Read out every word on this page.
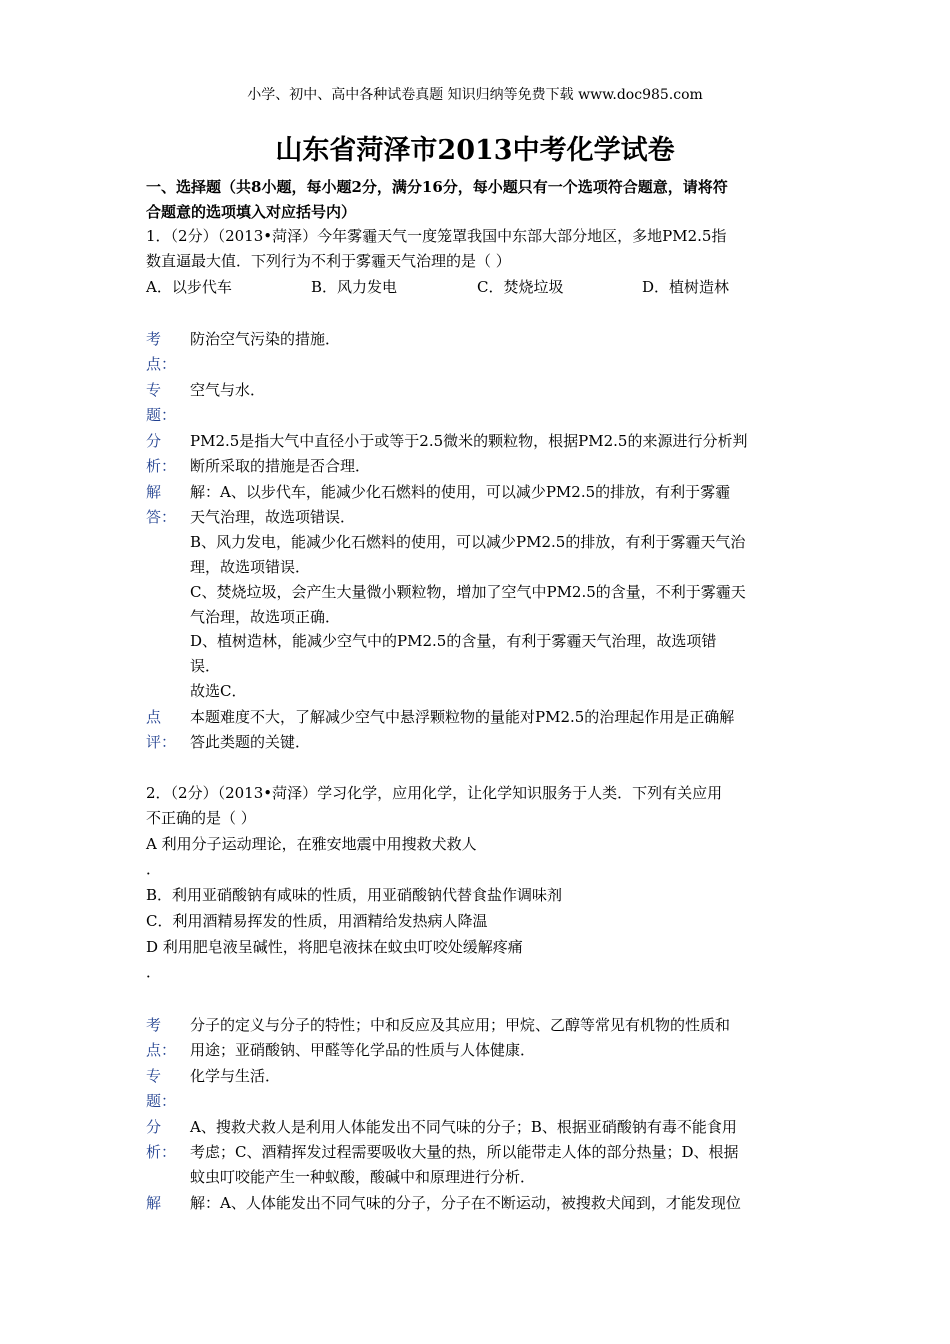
小学、初中、高中各种试卷真题 知识归纳等免费下载 www.doc985.com
山东省菏泽市2013中考化学试卷
一、选择题（共8小题，每小题2分，满分16分，每小题只有一个选项符合题意，请将符
合题意的选项填入对应括号内）
1．（2分）（2013•菏泽）今年雾霾天气一度笼罩我国中东部大部分地区，多地PM2.5指
数直逼最大值．下列行为不利于雾霾天气治理的是（ ）
A．以步代车	B．风力发电	C．焚烧垃圾	D．植树造林
考
点：
防治空气污染的措施．
专
题：
空气与水．
分
析：
PM2.5是指大气中直径小于或等于2.5微米的颗粒物，根据PM2.5的来源进行分析判
断所采取的措施是否合理．
解
答：
解：A、以步代车，能减少化石燃料的使用，可以减少PM2.5的排放，有利于雾霾
天气治理，故选项错误．
B、风力发电，能减少化石燃料的使用，可以减少PM2.5的排放，有利于雾霾天气治
理，故选项错误．
C、焚烧垃圾，会产生大量微小颗粒物，增加了空气中PM2.5的含量，不利于雾霾天
气治理，故选项正确．
D、植树造林，能减少空气中的PM2.5的含量，有利于雾霾天气治理，故选项错
误．
故选C．
点
评：
本题难度不大，了解减少空气中悬浮颗粒物的量能对PM2.5的治理起作用是正确解
答此类题的关键．
2．（2分）（2013•菏泽）学习化学，应用化学，让化学知识服务于人类．下列有关应用
不正确的是（ ）
A 利用分子运动理论，在雅安地震中用搜救犬救人
．
B．利用亚硝酸钠有咸味的性质，用亚硝酸钠代替食盐作调味剂
C．利用酒精易挥发的性质，用酒精给发热病人降温
D 利用肥皂液呈碱性，将肥皂液抹在蚊虫叮咬处缓解疼痛
．
考
点：
分子的定义与分子的特性；中和反应及其应用；甲烷、乙醇等常见有机物的性质和
用途；亚硝酸钠、甲醛等化学品的性质与人体健康．
专
题：
化学与生活．
分
析：
A、搜救犬救人是利用人体能发出不同气味的分子；B、根据亚硝酸钠有毒不能食用
考虑；C、酒精挥发过程需要吸收大量的热，所以能带走人体的部分热量；D、根据
蚊虫叮咬能产生一种蚁酸，酸碱中和原理进行分析．
解 解：A、人体能发出不同气味的分子，分子在不断运动，被搜救犬闻到，才能发现位
